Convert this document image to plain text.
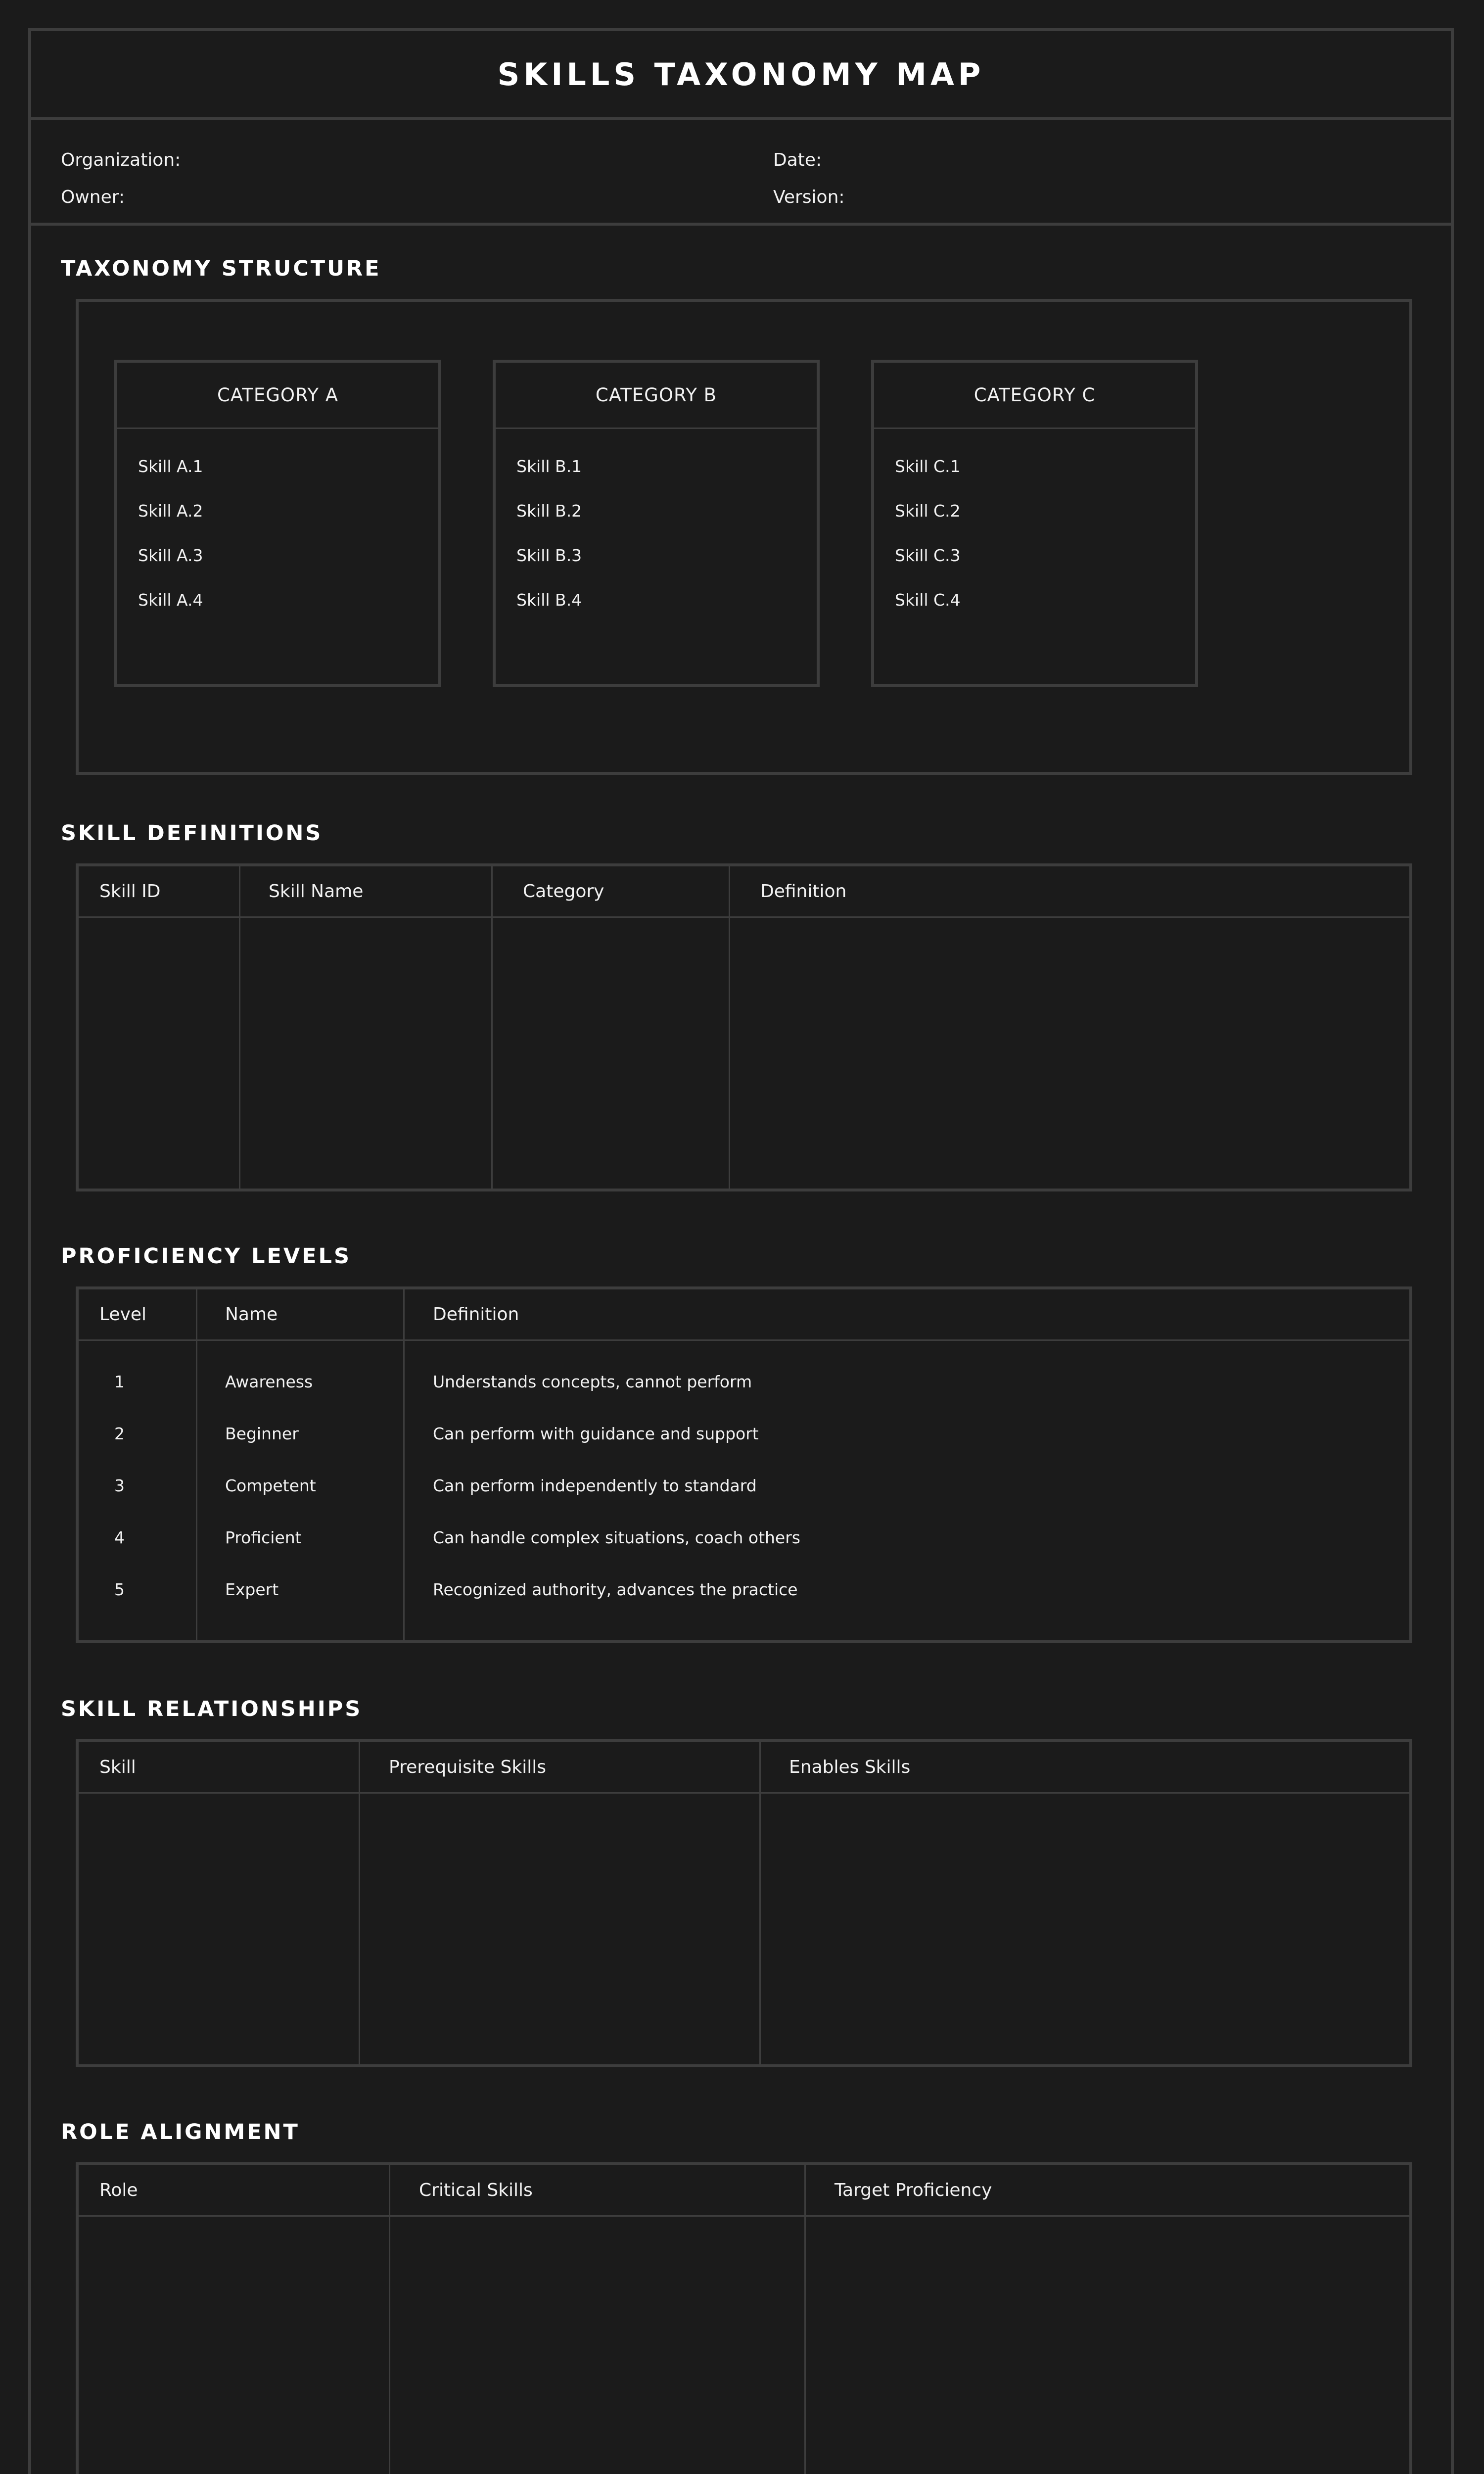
SKILLS TAXONOMY MAP
Organization:	Date:
Owner:	Version:
TAXONOMY STRUCTURE
CATEGORY A
Skill A.1
Skill A.2
Skill A.3
Skill A.4
CATEGORY B
Skill B.1
Skill B.2
Skill B.3
Skill B.4
CATEGORY C
Skill C.1
Skill C.2
Skill C.3
Skill C.4
SKILL DEFINITIONS
Skill ID	Skill Name	Category	Definition
PROFICIENCY LEVELS
Level	Name	Definition
1	Awareness	Understands concepts, cannot perform
2	Beginner	Can perform with guidance and support
3	Competent	Can perform independently to standard
4	Proficient	Can handle complex situations, coach others
5	Expert	Recognized authority, advances the practice
SKILL RELATIONSHIPS
Skill	Prerequisite Skills	Enables Skills
ROLE ALIGNMENT
Role	Critical Skills	Target Proficiency
